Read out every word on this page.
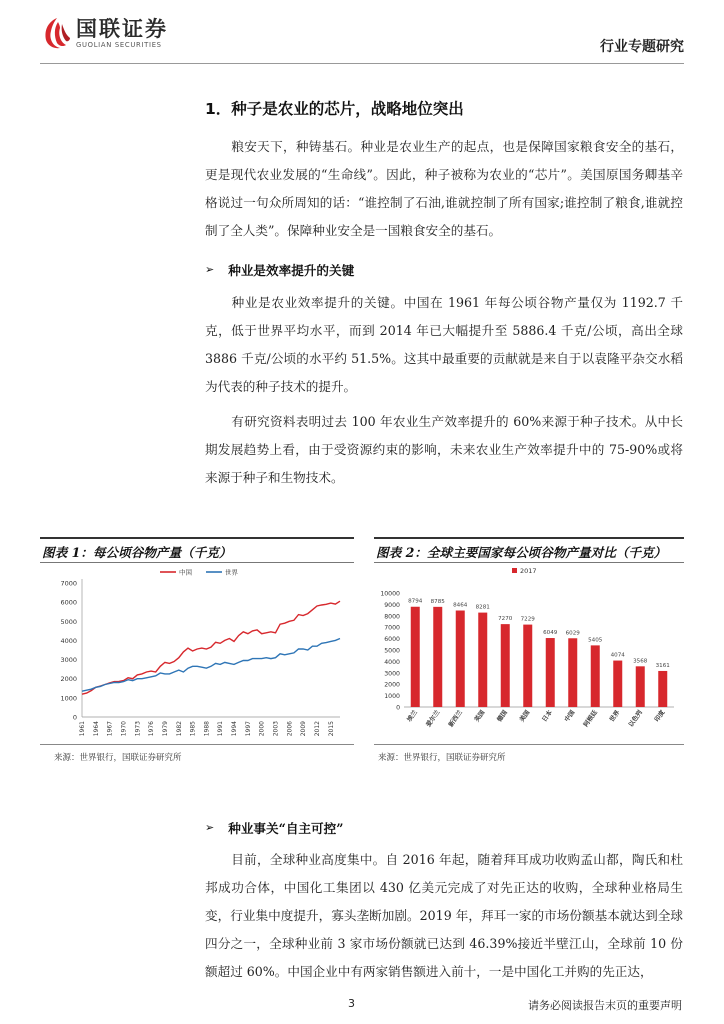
国联证券
GUOLIAN SECURITIES	行业专题研究
1．种子是农业的芯片，战略地位突出
粮安天下，种铸基石。种业是农业生产的起点，也是保障国家粮食安全的基石，更是现代农业发展的“生命线”。因此，种子被称为农业的“芯片”。美国原国务卿基辛格说过一句众所周知的话：“谁控制了石油,谁就控制了所有国家;谁控制了粮食,谁就控制了全人类”。保障种业安全是一国粮食安全的基石。
➢ 种业是效率提升的关键
种业是农业效率提升的关键。中国在 1961 年每公顷谷物产量仅为 1192.7 千克，低于世界平均水平，而到 2014 年已大幅提升至 5886.4 千克/公顷，高出全球 3886 千克/公顷的水平约 51.5%。这其中最重要的贡献就是来自于以袁隆平杂交水稻为代表的种子技术的提升。
有研究资料表明过去 100 年农业生产效率提升的 60%来源于种子技术。从中长期发展趋势上看，由于受资源约束的影响，未来农业生产效率提升中的 75-90%或将来源于种子和生物技术。
图表 1：每公顷谷物产量（千克）
0
1000
2000
3000
4000
5000
6000
7000
1961 1964 1967 1970 1973 1976 1979 1982 1985 1988 1991 1994 1997 2000 2003 2006 2009 2012 2015
中国	世界
来源：世界银行，国联证券研究所
图表 2：全球主要国家每公顷谷物产量对比（千克）
0
1000
2000
3000
4000
5000
6000
7000
8000
9000
10000
8794
埃兰
8785
爱尔兰
8464
新西兰
8281
英国
7270
德国
7229
美国
6049
日本
6029
中国
5405
阿根廷
4074
世界
3568
以色列
3161
印度
2017
来源：世界银行，国联证券研究所
➢ 种业事关“自主可控”
目前，全球种业高度集中。自 2016 年起，随着拜耳成功收购孟山都，陶氏和杜邦成功合体，中国化工集团以 430 亿美元完成了对先正达的收购，全球种业格局生变，行业集中度提升，寡头垄断加剧。2019 年，拜耳一家的市场份额基本就达到全球四分之一，全球种业前 3 家市场份额就已达到 46.39%接近半壁江山，全球前 10 份额超过 60%。中国企业中有两家销售额进入前十，一是中国化工并购的先正达，
3	请务必阅读报告末页的重要声明
